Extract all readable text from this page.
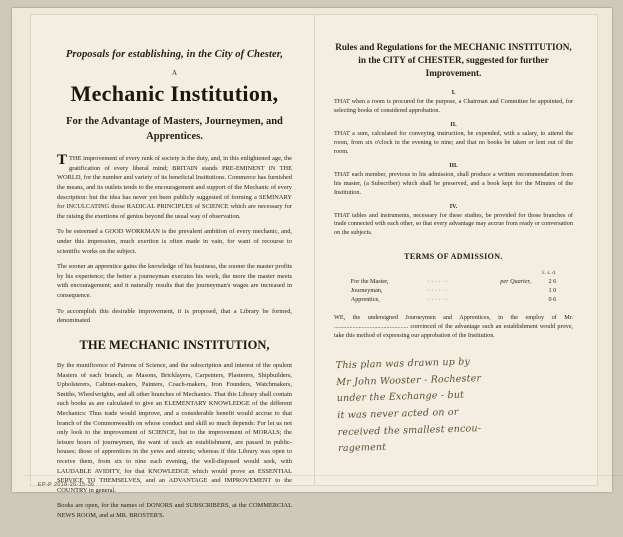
Proposals for establishing, in the City of Chester,

A

Mechanic Institution,

For the Advantage of Masters, Journeymen, and

Apprentices.

TTHE improvement of every rank of society is the duty, and, in this enlightened age, the gratification of every liberal mind; BRITAIN stands PRE-EMINENT IN THE WORLD, for the number and variety of its beneficial Institutions. Commerce has furnished the means, and its outlets tends to the encouragement and support of the Mechanic of every description: but the idea has never yet been publicly suggested of forming a SEMINARY for INCULCATING those RADICAL PRINCIPLES of SCIENCE which are necessary for the raising the exertions of genius beyond the usual way of observation.

To be esteemed a GOOD WORKMAN is the prevalent ambition of every mechanic, and, under this impression, much exertion is often made in vain, for want of recourse to scientific works on the subject.

The sooner an apprentice gains the knowledge of his business, the sooner the master profits by his experience; the better a journeyman executes his work, the more the master meets with encouragement; and it naturally results that the journeyman's wages are increased in consequence.

To accomplish this desirable improvement, it is proposed, that a Library be formed, denominated

THE MECHANIC INSTITUTION,

By the munificence of Patrons of Science, and the subscription and interest of the opulent Masters of each branch, as Masons, Bricklayers, Carpenters, Plasterers, Shipbuilders, Upholsterers, Cabinet-makers, Painters, Coach-makers, Iron Founders, Watchmakers, Smiths, Wheelwrights, and all other branches of Mechanics. That this Library shall contain such books as are calculated to give an ELEMENTARY KNOWLEDGE of the different Mechanics: Thus trade would improve, and a considerable benefit would accrue to that branch of the Commonwealth on whose conduct and skill so much depends: For let us not only look to the improvement of SCIENCE, but to the improvement of MORALS; the leisure hours of journeymen, the want of such an establishment, are passed in public-houses; those of apprentices in the yews and streets; whereas if this Library was open to receive them, from six to nine each evening, the well-disposed would seek, with LAUDABLE AVIDITY, for that KNOWLEDGE which would prove an ESSENTIAL SERVICE TO THEMSELVES, and an ADVANTAGE and IMPROVEMENT to the COUNTRY in general.

Books are open, for the names of DONORS and SUBSCRIBERS, at the COMMERCIAL NEWS ROOM, and at MR. BROSTER'S.

Rules and Regulations for the MECHANIC INSTITUTION,
in the CITY of CHESTER, suggested for further Improvement.

I.

THAT when a room is procured for the purpose, a Chairman and Committee be appointed, for selecting books of considered approbation.

II.

THAT a sum, calculated for conveying instruction, be expended, with a salary, to attend the room, from six o'clock in the evening to nine; and that no books be taken or lent out of the room.

III.

THAT each member, previous to his admission, shall produce a written recommendation from his master, (a Subscriber) which shall be preserved, and a book kept for the Minutes of the Institution.

IV.

THAT tables and instruments, necessary for these studies, be provided for those branches of trade connected with each other, so that every advantage may accrue from ready or conversation on the subjects.

TERMS OF ADMISSION.

			£. s. d.
For the Master,	· · · · · ·	per Quarter,	2 6
Journeyman,	· · · · · ·		1 0
Apprentice,	· · · · · ·		0 6

WE, the undersigned Journeymen and Apprentices, in the employ of Mr. ................................................ convinced of the advantage such an establishment would prove, take this method of expressing our approbation of the Institution.

This plan was drawn up by
Mr John Wooster - Rochester
under the Exchange - but
it was never acted on or
received the smallest encou-
ragement
EP-P 2018-26-15-36
